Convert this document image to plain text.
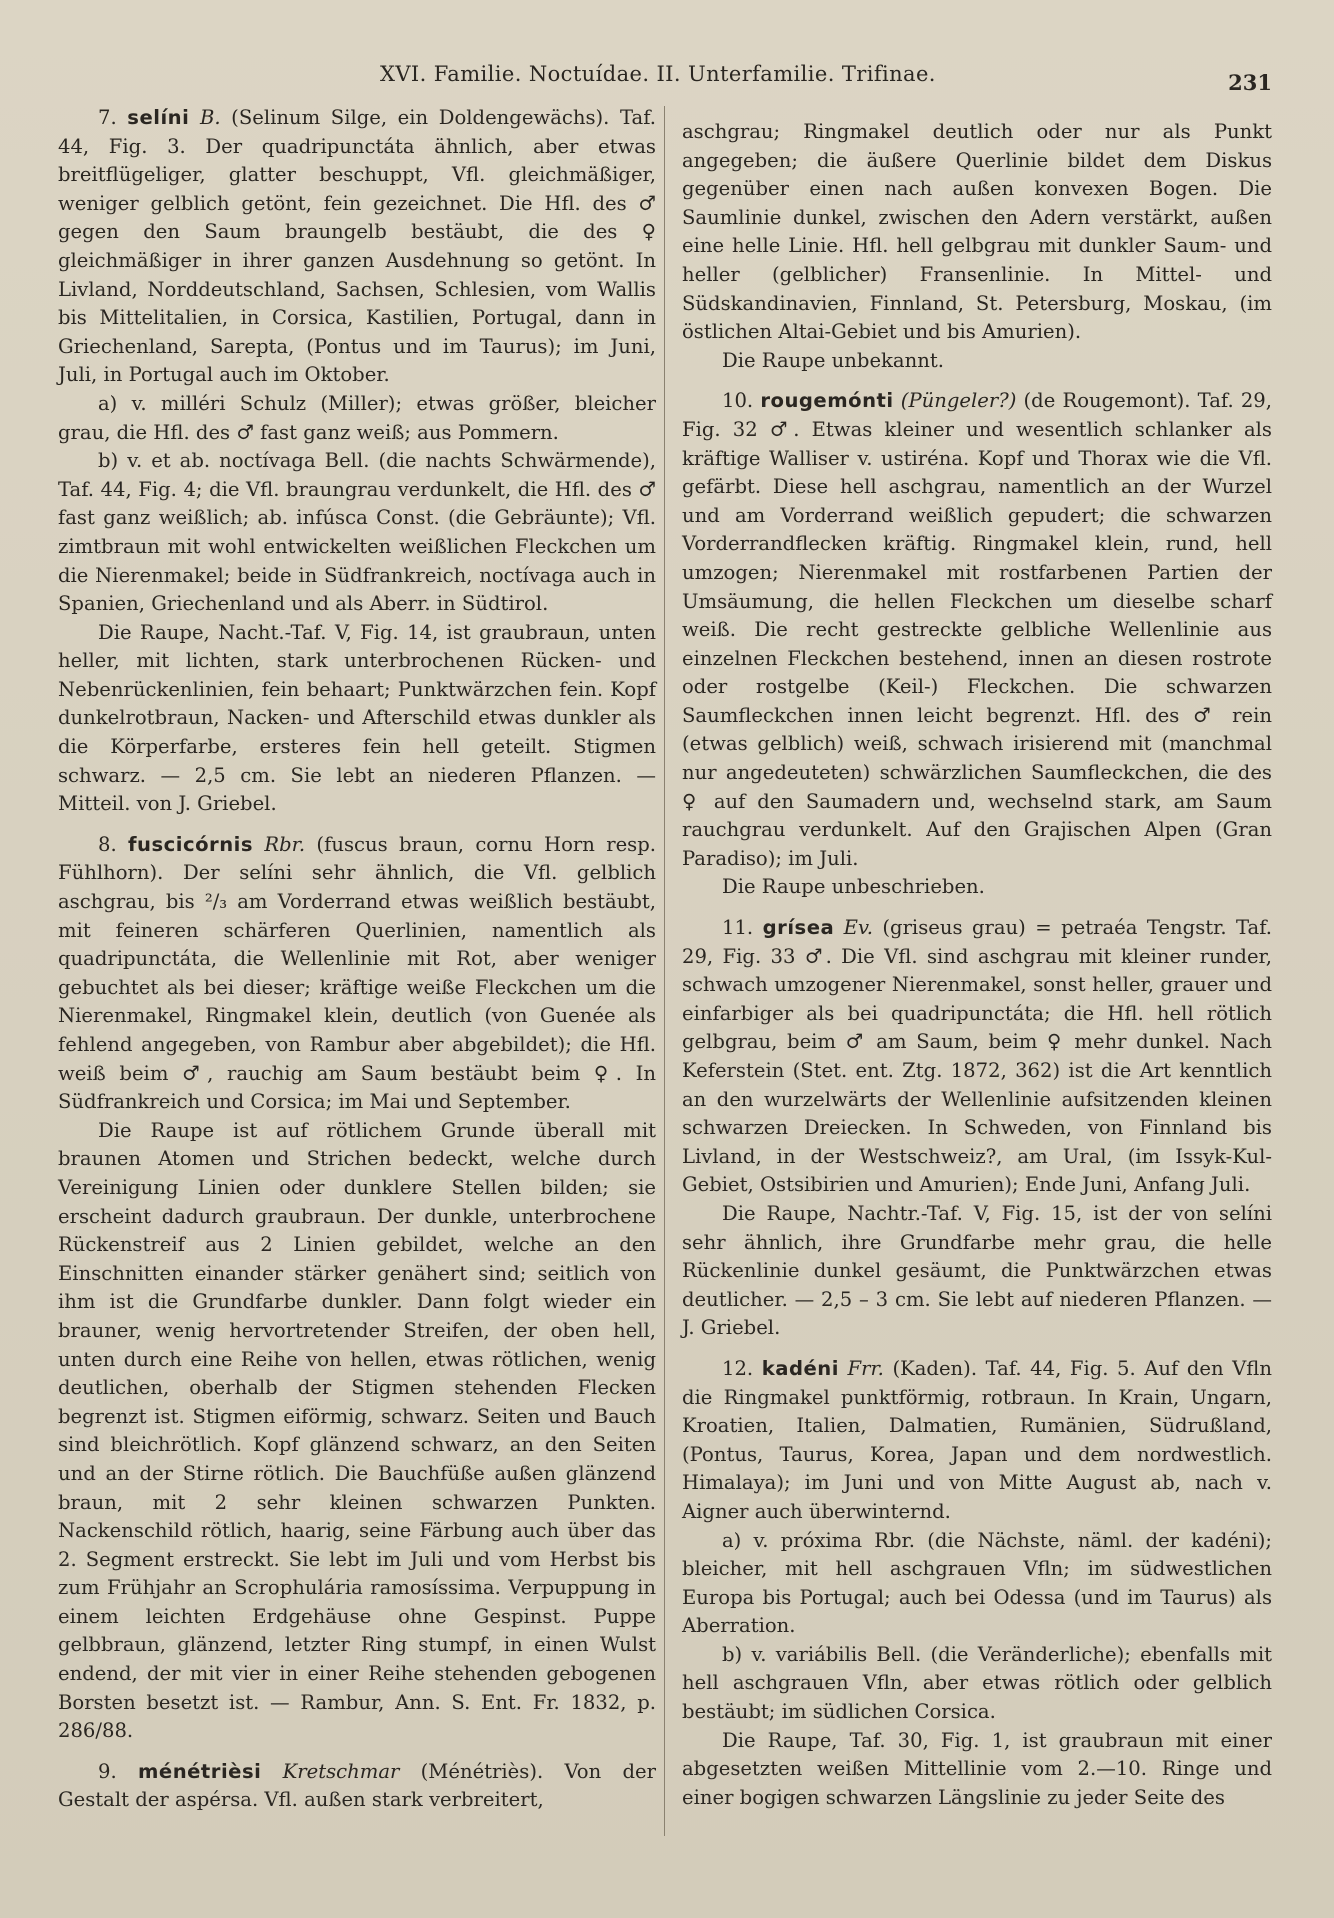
XVI. Familie. Noctuídae. II. Unterfamilie. Trifinae.	231

7. selíni B. (Selinum Silge, ein Doldengewächs). Taf. 44, Fig. 3. Der quadripunctáta ähnlich, aber etwas breitflügeliger, glatter beschuppt, Vfl. gleichmäßiger, weniger gelblich getönt, fein gezeichnet. Die Hfl. des ♂ gegen den Saum braungelb bestäubt, die des ♀ gleichmäßiger in ihrer ganzen Ausdehnung so getönt. In Livland, Norddeutschland, Sachsen, Schlesien, vom Wallis bis Mittelitalien, in Corsica, Kastilien, Portugal, dann in Griechenland, Sarepta, (Pontus und im Taurus); im Juni, Juli, in Portugal auch im Oktober.

a) v. milléri Schulz (Miller); etwas größer, bleicher grau, die Hfl. des ♂ fast ganz weiß; aus Pommern.

b) v. et ab. noctívaga Bell. (die nachts Schwärmende), Taf. 44, Fig. 4; die Vfl. braungrau verdunkelt, die Hfl. des ♂ fast ganz weißlich; ab. infúsca Const. (die Gebräunte); Vfl. zimtbraun mit wohl entwickelten weißlichen Fleckchen um die Nierenmakel; beide in Südfrankreich, noctívaga auch in Spanien, Griechenland und als Aberr. in Südtirol.

Die Raupe, Nacht.-Taf. V, Fig. 14, ist graubraun, unten heller, mit lichten, stark unterbrochenen Rücken- und Nebenrückenlinien, fein behaart; Punktwärzchen fein. Kopf dunkelrotbraun, Nacken- und Afterschild etwas dunkler als die Körperfarbe, ersteres fein hell geteilt. Stigmen schwarz. — 2,5 cm. Sie lebt an niederen Pflanzen. — Mitteil. von J. Griebel.

8. fuscicórnis Rbr. (fuscus braun, cornu Horn resp. Fühlhorn). Der selíni sehr ähnlich, die Vfl. gelblich aschgrau, bis ²/₃ am Vorderrand etwas weißlich bestäubt, mit feineren schärferen Querlinien, namentlich als quadripunctáta, die Wellenlinie mit Rot, aber weniger gebuchtet als bei dieser; kräftige weiße Fleckchen um die Nierenmakel, Ringmakel klein, deutlich (von Guenée als fehlend angegeben, von Rambur aber abgebildet); die Hfl. weiß beim ♂, rauchig am Saum bestäubt beim ♀. In Südfrankreich und Corsica; im Mai und September.

Die Raupe ist auf rötlichem Grunde überall mit braunen Atomen und Strichen bedeckt, welche durch Vereinigung Linien oder dunklere Stellen bilden; sie erscheint dadurch graubraun. Der dunkle, unterbrochene Rückenstreif aus 2 Linien gebildet, welche an den Einschnitten einander stärker genähert sind; seitlich von ihm ist die Grundfarbe dunkler. Dann folgt wieder ein brauner, wenig hervortretender Streifen, der oben hell, unten durch eine Reihe von hellen, etwas rötlichen, wenig deutlichen, oberhalb der Stigmen stehenden Flecken begrenzt ist. Stigmen eiförmig, schwarz. Seiten und Bauch sind bleichrötlich. Kopf glänzend schwarz, an den Seiten und an der Stirne rötlich. Die Bauchfüße außen glänzend braun, mit 2 sehr kleinen schwarzen Punkten. Nackenschild rötlich, haarig, seine Färbung auch über das 2. Segment erstreckt. Sie lebt im Juli und vom Herbst bis zum Frühjahr an Scrophulária ramosíssima. Verpuppung in einem leichten Erdgehäuse ohne Gespinst. Puppe gelbbraun, glänzend, letzter Ring stumpf, in einen Wulst endend, der mit vier in einer Reihe stehenden gebogenen Borsten besetzt ist. — Rambur, Ann. S. Ent. Fr. 1832, p. 286/88.

9. ménétrièsi Kretschmar (Ménétriès). Von der Gestalt der aspérsa. Vfl. außen stark verbreitert,

aschgrau; Ringmakel deutlich oder nur als Punkt angegeben; die äußere Querlinie bildet dem Diskus gegenüber einen nach außen konvexen Bogen. Die Saumlinie dunkel, zwischen den Adern verstärkt, außen eine helle Linie. Hfl. hell gelbgrau mit dunkler Saum- und heller (gelblicher) Fransenlinie. In Mittel- und Südskandinavien, Finnland, St. Petersburg, Moskau, (im östlichen Altai-Gebiet und bis Amurien).

Die Raupe unbekannt.

10. rougemónti (Püngeler?) (de Rougemont). Taf. 29, Fig. 32 ♂. Etwas kleiner und wesentlich schlanker als kräftige Walliser v. ustiréna. Kopf und Thorax wie die Vfl. gefärbt. Diese hell aschgrau, namentlich an der Wurzel und am Vorderrand weißlich gepudert; die schwarzen Vorderrandflecken kräftig. Ringmakel klein, rund, hell umzogen; Nierenmakel mit rostfarbenen Partien der Umsäumung, die hellen Fleckchen um dieselbe scharf weiß. Die recht gestreckte gelbliche Wellenlinie aus einzelnen Fleckchen bestehend, innen an diesen rostrote oder rostgelbe (Keil-) Fleckchen. Die schwarzen Saumfleckchen innen leicht begrenzt. Hfl. des ♂ rein (etwas gelblich) weiß, schwach irisierend mit (manchmal nur angedeuteten) schwärzlichen Saumfleckchen, die des ♀ auf den Saumadern und, wechselnd stark, am Saum rauchgrau verdunkelt. Auf den Grajischen Alpen (Gran Paradiso); im Juli.

Die Raupe unbeschrieben.

11. grísea Ev. (griseus grau) = petraéa Tengstr. Taf. 29, Fig. 33 ♂. Die Vfl. sind aschgrau mit kleiner runder, schwach umzogener Nierenmakel, sonst heller, grauer und einfarbiger als bei quadripunctáta; die Hfl. hell rötlich gelbgrau, beim ♂ am Saum, beim ♀ mehr dunkel. Nach Keferstein (Stet. ent. Ztg. 1872, 362) ist die Art kenntlich an den wurzelwärts der Wellenlinie aufsitzenden kleinen schwarzen Dreiecken. In Schweden, von Finnland bis Livland, in der Westschweiz?, am Ural, (im Issyk-Kul-Gebiet, Ostsibirien und Amurien); Ende Juni, Anfang Juli.

Die Raupe, Nachtr.-Taf. V, Fig. 15, ist der von selíni sehr ähnlich, ihre Grundfarbe mehr grau, die helle Rückenlinie dunkel gesäumt, die Punktwärzchen etwas deutlicher. — 2,5 – 3 cm. Sie lebt auf niederen Pflanzen. — J. Griebel.

12. kadéni Frr. (Kaden). Taf. 44, Fig. 5. Auf den Vfln die Ringmakel punktförmig, rotbraun. In Krain, Ungarn, Kroatien, Italien, Dalmatien, Rumänien, Südrußland, (Pontus, Taurus, Korea, Japan und dem nordwestlich. Himalaya); im Juni und von Mitte August ab, nach v. Aigner auch überwinternd.

a) v. próxima Rbr. (die Nächste, näml. der kadéni); bleicher, mit hell aschgrauen Vfln; im südwestlichen Europa bis Portugal; auch bei Odessa (und im Taurus) als Aberration.

b) v. variábilis Bell. (die Veränderliche); ebenfalls mit hell aschgrauen Vfln, aber etwas rötlich oder gelblich bestäubt; im südlichen Corsica.

Die Raupe, Taf. 30, Fig. 1, ist graubraun mit einer abgesetzten weißen Mittellinie vom 2.—10. Ringe und einer bogigen schwarzen Längslinie zu jeder Seite des
